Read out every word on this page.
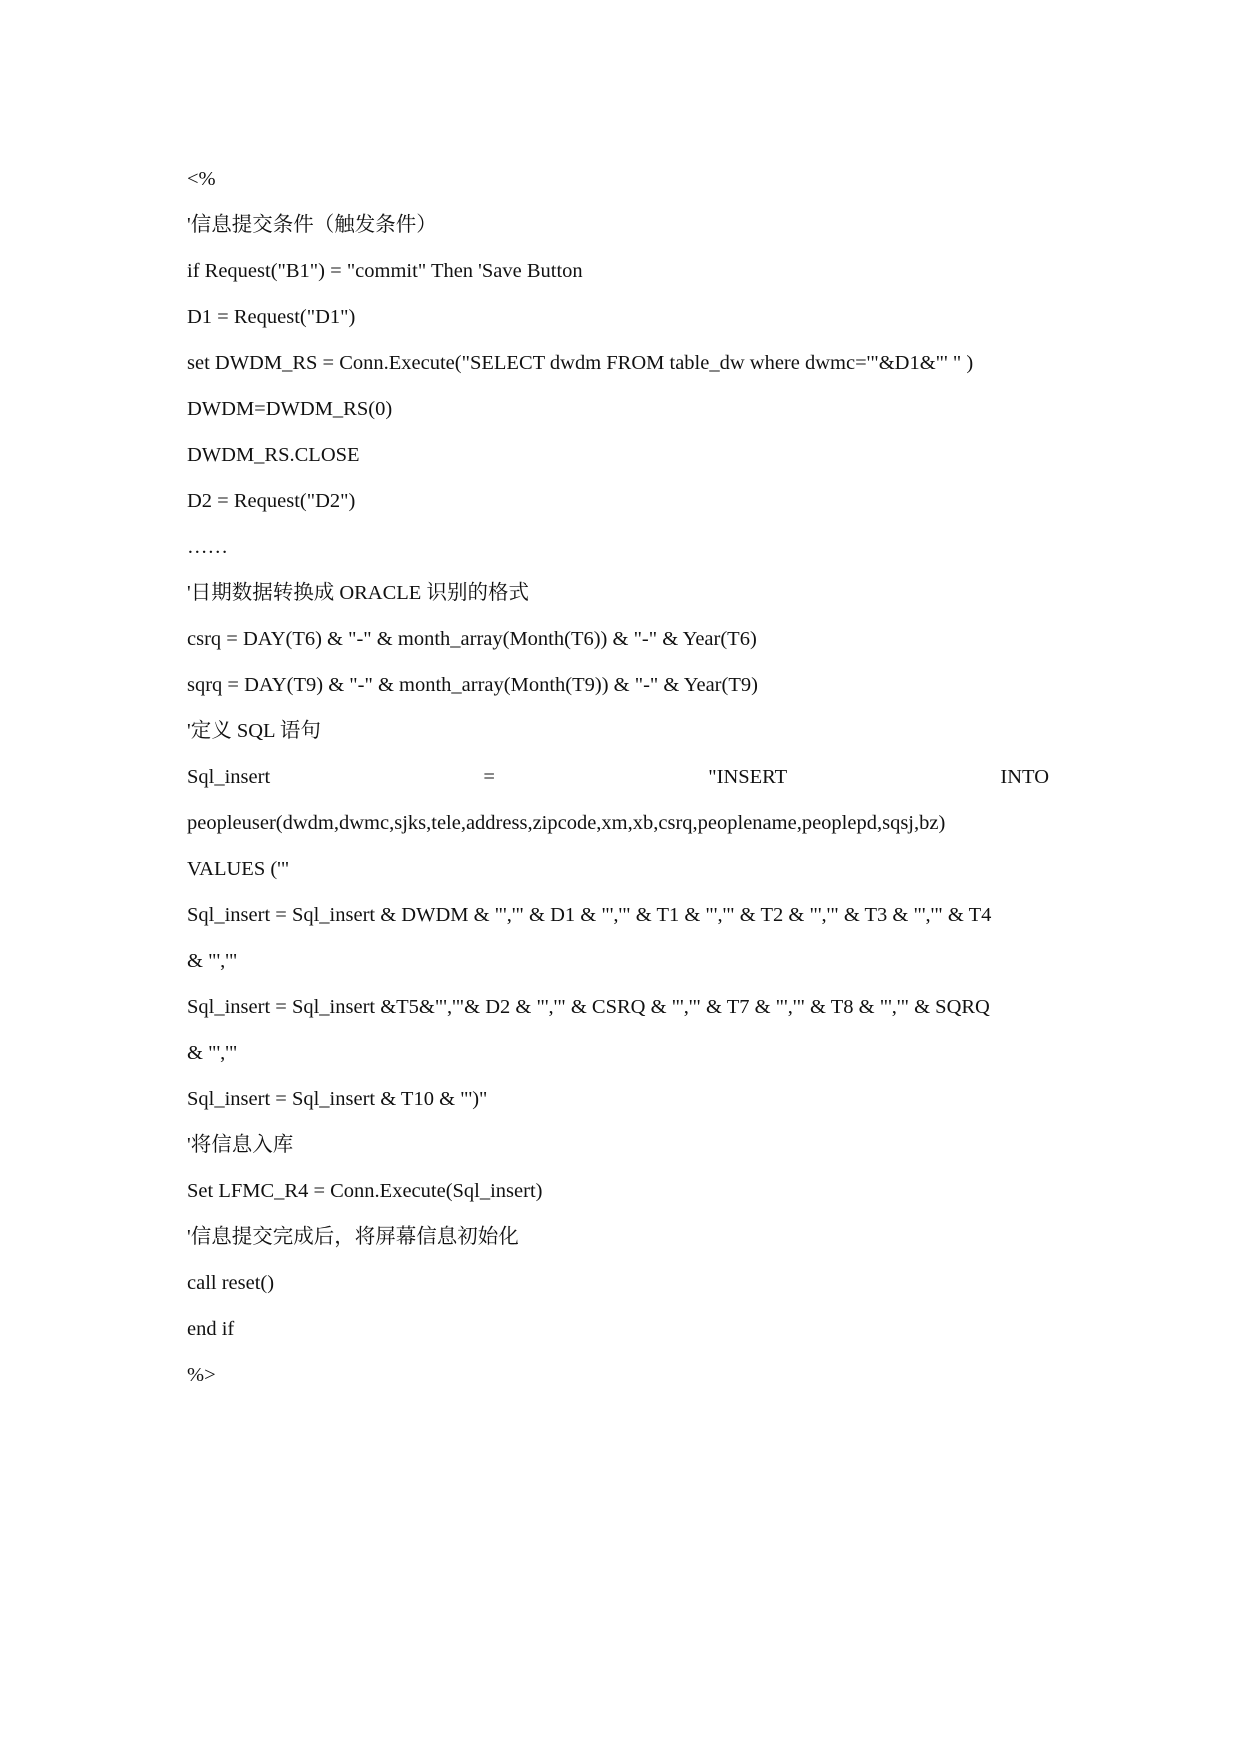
<%

'信息提交条件（触发条件）

if Request("B1") = "commit" Then 'Save Button

D1 = Request("D1")

set DWDM_RS = Conn.Execute("SELECT dwdm FROM table_dw where dwmc='"&D1&"' " )

DWDM=DWDM_RS(0)

DWDM_RS.CLOSE

D2 = Request("D2")

……

'日期数据转换成 ORACLE 识别的格式

csrq = DAY(T6) & "-" & month_array(Month(T6)) & "-" & Year(T6)

sqrq = DAY(T9) & "-" & month_array(Month(T9)) & "-" & Year(T9)

'定义 SQL 语句

Sql_insert	=	"INSERT	INTO

peopleuser(dwdm,dwmc,sjks,tele,address,zipcode,xm,xb,csrq,peoplename,peoplepd,sqsj,bz)

VALUES ('"

Sql_insert = Sql_insert & DWDM & "','" & D1 & "','" & T1 & "','" & T2 & "','" & T3 & "','" & T4

& "','"

Sql_insert = Sql_insert &T5&"','"& D2 & "','" & CSRQ & "','" & T7 & "','" & T8 & "','" & SQRQ

& "','"

Sql_insert = Sql_insert & T10 & "')"

'将信息入库

Set LFMC_R4 = Conn.Execute(Sql_insert)

'信息提交完成后，将屏幕信息初始化

call reset()

end if

%>
